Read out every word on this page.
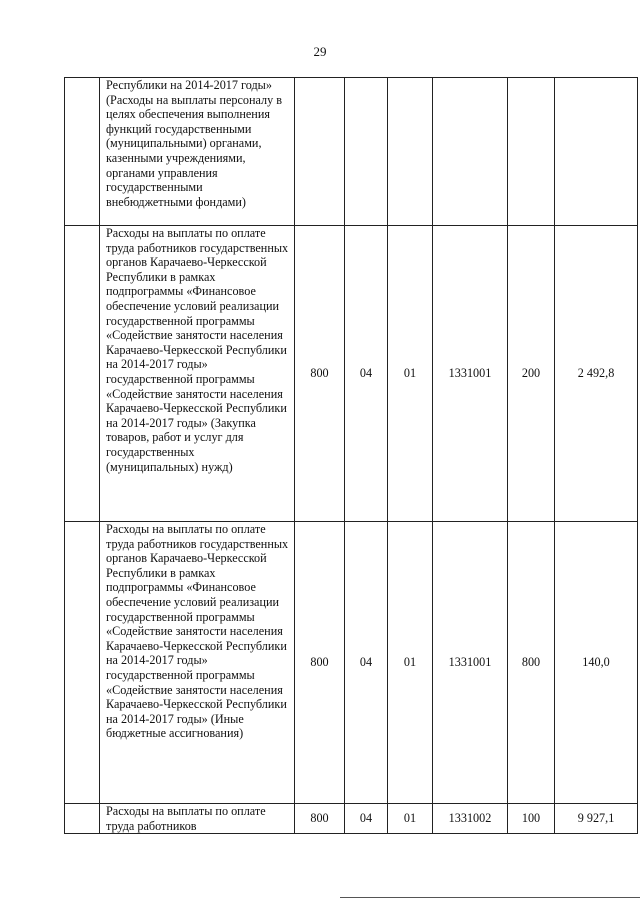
29
	Республики на 2014-2017 годы» (Расходы на выплаты персоналу в целях обеспечения выполнения функций государственными (муниципальными) органами, казенными учреждениями, органами управления государственными внебюджетными фондами)						
	Расходы на выплаты по оплате труда работников государственных органов Карачаево-Черкесской Республики в рамках подпрограммы «Финансовое обеспечение условий реализации государственной программы «Содействие занятости населения Карачаево-Черкесской Республики на 2014-2017 годы» государственной программы «Содействие занятости населения Карачаево-Черкесской Республики на 2014-2017 годы» (Закупка товаров, работ и услуг для государственных (муниципальных) нужд)	800	04	01	1331001	200	2 492,8
	Расходы на выплаты по оплате труда работников государственных органов Карачаево-Черкесской Республики в рамках подпрограммы «Финансовое обеспечение условий реализации государственной программы «Содействие занятости населения Карачаево-Черкесской Республики на 2014-2017 годы» государственной программы «Содействие занятости населения Карачаево-Черкесской Республики на 2014-2017 годы» (Иные бюджетные ассигнования)	800	04	01	1331001	800	140,0
	Расходы на выплаты по оплате труда работников	800	04	01	1331002	100	9 927,1
